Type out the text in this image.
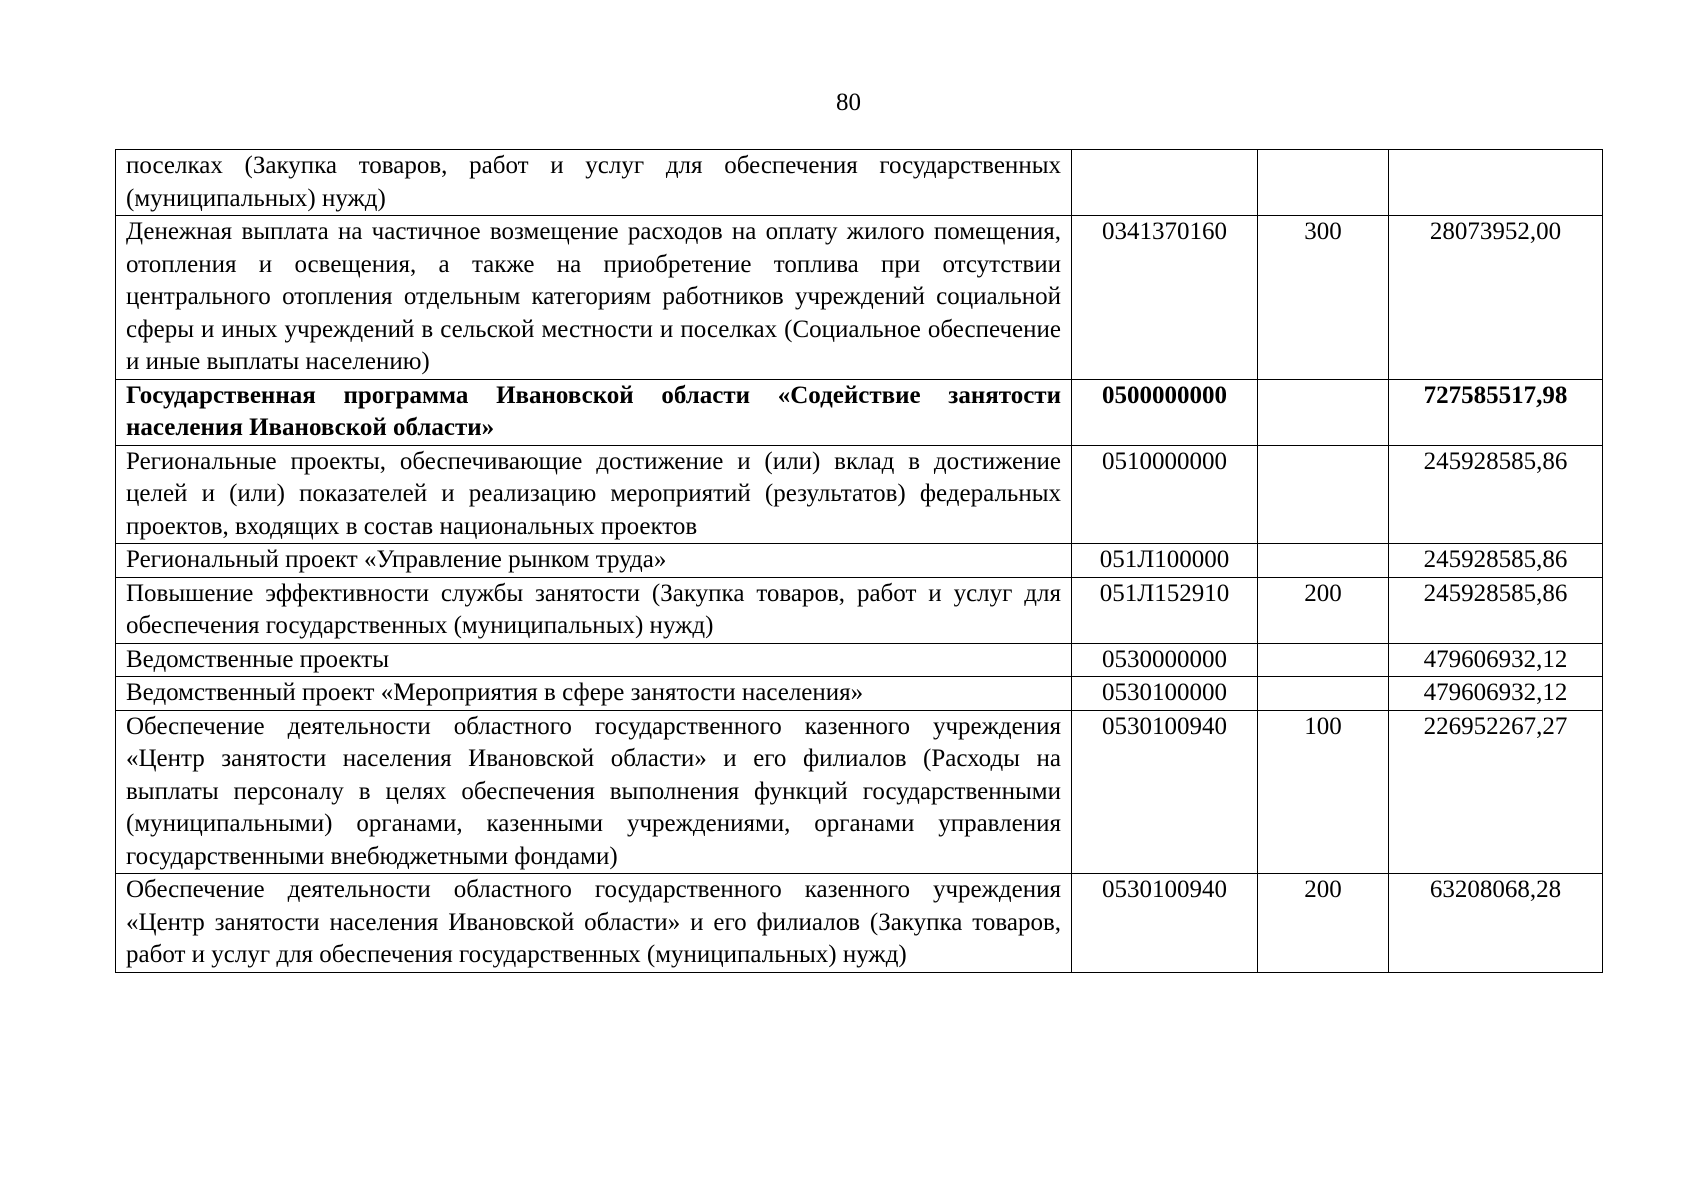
80
поселках (Закупка товаров, работ и услуг для обеспечения государственных (муниципальных) нужд)			
Денежная выплата на частичное возмещение расходов на оплату жилого помещения, отопления и освещения, а также на приобретение топлива при отсутствии центрального отопления отдельным категориям работников учреждений социальной сферы и иных учреждений в сельской местности и поселках (Социальное обеспечение и иные выплаты населению)	0341370160	300	28073952,00
Государственная программа Ивановской области «Содействие занятости населения Ивановской области»	0500000000		727585517,98
Региональные проекты, обеспечивающие достижение и (или) вклад в достижение целей и (или) показателей и реализацию мероприятий (результатов) федеральных проектов, входящих в состав национальных проектов	0510000000		245928585,86
Региональный проект «Управление рынком труда»	051Л100000		245928585,86
Повышение эффективности службы занятости (Закупка товаров, работ и услуг для обеспечения государственных (муниципальных) нужд)	051Л152910	200	245928585,86
Ведомственные проекты	0530000000		479606932,12
Ведомственный проект «Мероприятия в сфере занятости населения»	0530100000		479606932,12
Обеспечение деятельности областного государственного казенного учреждения «Центр занятости населения Ивановской области» и его филиалов (Расходы на выплаты персоналу в целях обеспечения выполнения функций государственными (муниципальными) органами, казенными учреждениями, органами управления государственными внебюджетными фондами)	0530100940	100	226952267,27
Обеспечение деятельности областного государственного казенного учреждения «Центр занятости населения Ивановской области» и его филиалов (Закупка товаров, работ и услуг для обеспечения государственных (муниципальных) нужд)	0530100940	200	63208068,28
